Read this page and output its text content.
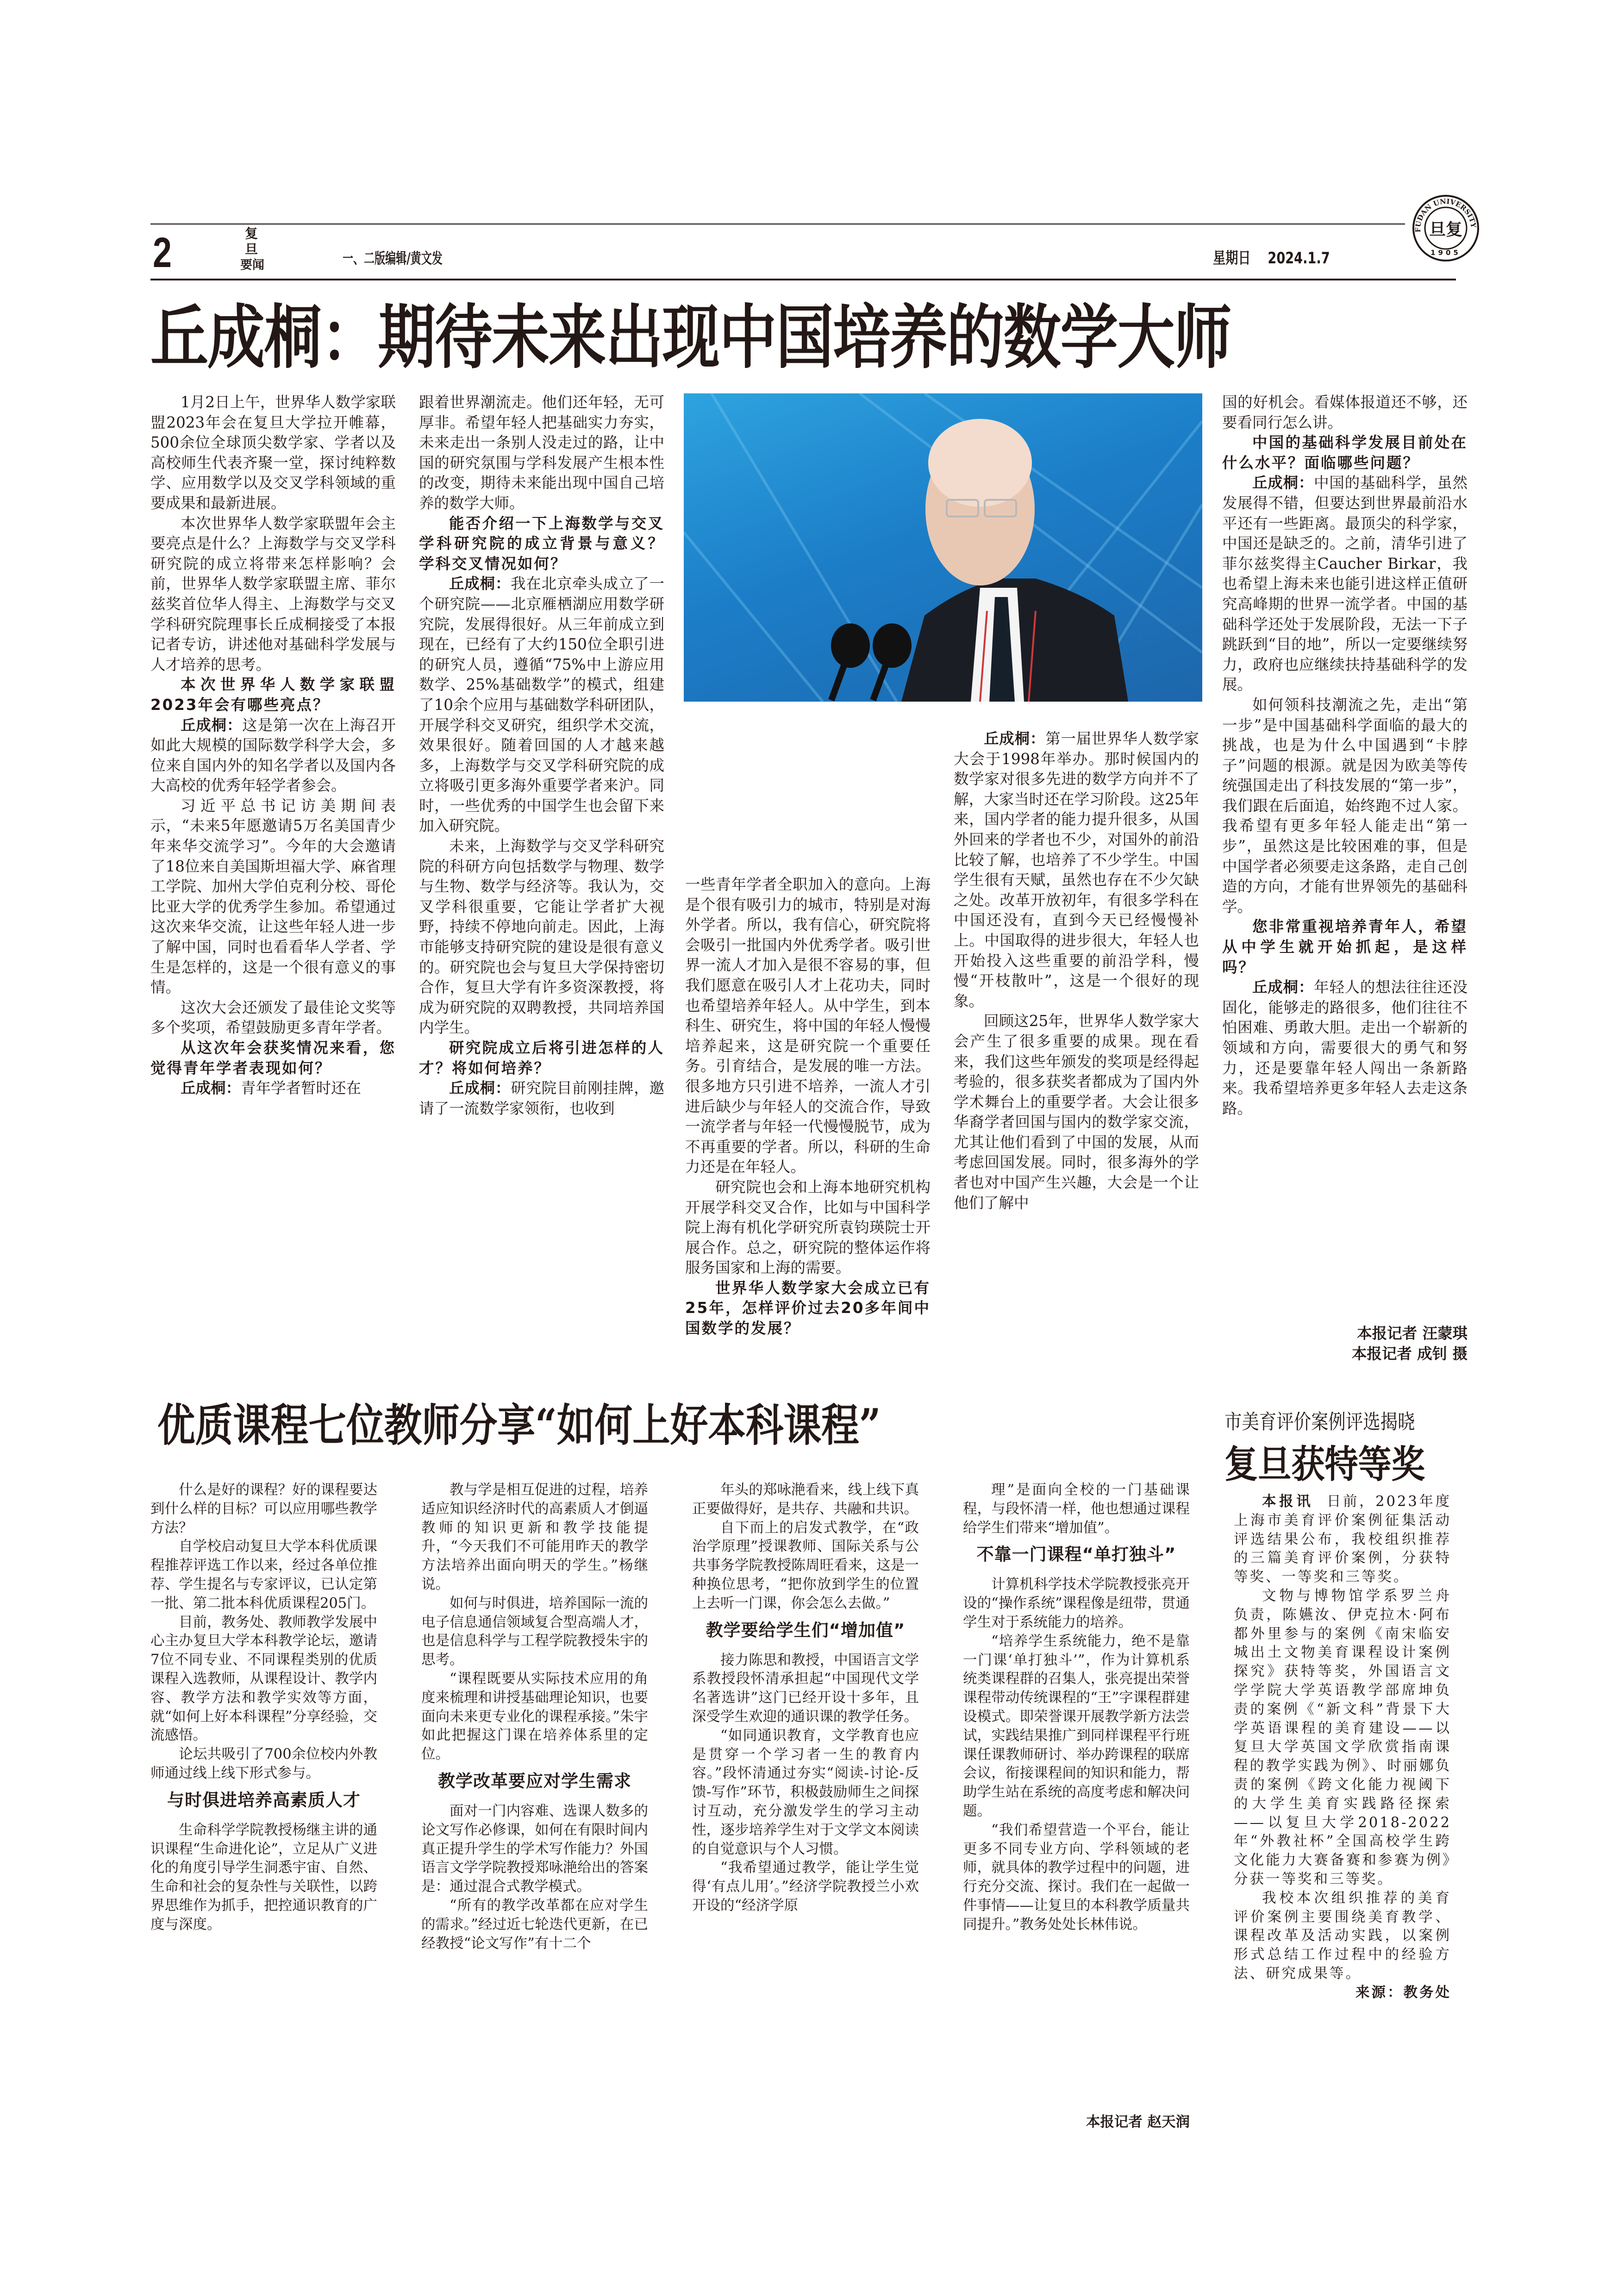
2	复旦
要闻	一、二版编辑/黄文发	星期日 2024.1.7
FUDAN UNIVERSITY
1905
旦复
丘成桐：期待未来出现中国培养的数学大师

1月2日上午，世界华人数学家联盟2023年会在复旦大学拉开帷幕，500余位全球顶尖数学家、学者以及高校师生代表齐聚一堂，探讨纯粹数学、应用数学以及交叉学科领域的重要成果和最新进展。

本次世界华人数学家联盟年会主要亮点是什么？上海数学与交叉学科研究院的成立将带来怎样影响？会前，世界华人数学家联盟主席、菲尔兹奖首位华人得主、上海数学与交叉学科研究院理事长丘成桐接受了本报记者专访，讲述他对基础科学发展与人才培养的思考。

本次世界华人数学家联盟2023年会有哪些亮点？

丘成桐：这是第一次在上海召开如此大规模的国际数学科学大会，多位来自国内外的知名学者以及国内各大高校的优秀年轻学者参会。

习近平总书记访美期间表示，“未来5年愿邀请5万名美国青少年来华交流学习”。今年的大会邀请了18位来自美国斯坦福大学、麻省理工学院、加州大学伯克利分校、哥伦比亚大学的优秀学生参加。希望通过这次来华交流，让这些年轻人进一步了解中国，同时也看看华人学者、学生是怎样的，这是一个很有意义的事情。

这次大会还颁发了最佳论文奖等多个奖项，希望鼓励更多青年学者。

从这次年会获奖情况来看，您觉得青年学者表现如何？

丘成桐：青年学者暂时还在

跟着世界潮流走。他们还年轻，无可厚非。希望年轻人把基础实力夯实，未来走出一条别人没走过的路，让中国的研究氛围与学科发展产生根本性的改变，期待未来能出现中国自己培养的数学大师。

能否介绍一下上海数学与交叉学科研究院的成立背景与意义？学科交叉情况如何？

丘成桐：我在北京牵头成立了一个研究院——北京雁栖湖应用数学研究院，发展得很好。从三年前成立到现在，已经有了大约150位全职引进的研究人员，遵循“75%中上游应用数学、25%基础数学”的模式，组建了10余个应用与基础数学科研团队，开展学科交叉研究，组织学术交流，效果很好。随着回国的人才越来越多，上海数学与交叉学科研究院的成立将吸引更多海外重要学者来沪。同时，一些优秀的中国学生也会留下来加入研究院。

未来，上海数学与交叉学科研究院的科研方向包括数学与物理、数学与生物、数学与经济等。我认为，交叉学科很重要，它能让学者扩大视野，持续不停地向前走。因此，上海市能够支持研究院的建设是很有意义的。研究院也会与复旦大学保持密切合作，复旦大学有许多资深教授，将成为研究院的双聘教授，共同培养国内学生。

研究院成立后将引进怎样的人才？将如何培养？

丘成桐：研究院目前刚挂牌，邀请了一流数学家领衔，也收到

一些青年学者全职加入的意向。上海是个很有吸引力的城市，特别是对海外学者。所以，我有信心，研究院将会吸引一批国内外优秀学者。吸引世界一流人才加入是很不容易的事，但我们愿意在吸引人才上花功夫，同时也希望培养年轻人。从中学生，到本科生、研究生，将中国的年轻人慢慢培养起来，这是研究院一个重要任务。引育结合，是发展的唯一方法。很多地方只引进不培养，一流人才引进后缺少与年轻人的交流合作，导致一流学者与年轻一代慢慢脱节，成为不再重要的学者。所以，科研的生命力还是在年轻人。

研究院也会和上海本地研究机构开展学科交叉合作，比如与中国科学院上海有机化学研究所袁钧瑛院士开展合作。总之，研究院的整体运作将服务国家和上海的需要。

世界华人数学家大会成立已有25年，怎样评价过去20多年间中国数学的发展？

丘成桐：第一届世界华人数学家大会于1998年举办。那时候国内的数学家对很多先进的数学方向并不了解，大家当时还在学习阶段。这25年来，国内学者的能力提升很多，从国外回来的学者也不少，对国外的前沿比较了解，也培养了不少学生。中国学生很有天赋，虽然也存在不少欠缺之处。改革开放初年，有很多学科在中国还没有，直到今天已经慢慢补上。中国取得的进步很大，年轻人也开始投入这些重要的前沿学科，慢慢“开枝散叶”，这是一个很好的现象。

回顾这25年，世界华人数学家大会产生了很多重要的成果。现在看来，我们这些年颁发的奖项是经得起考验的，很多获奖者都成为了国内外学术舞台上的重要学者。大会让很多华裔学者回国与国内的数学家交流，尤其让他们看到了中国的发展，从而考虑回国发展。同时，很多海外的学者也对中国产生兴趣，大会是一个让他们了解中

国的好机会。看媒体报道还不够，还要看同行怎么讲。

中国的基础科学发展目前处在什么水平？面临哪些问题？

丘成桐：中国的基础科学，虽然发展得不错，但要达到世界最前沿水平还有一些距离。最顶尖的科学家，中国还是缺乏的。之前，清华引进了菲尔兹奖得主Caucher Birkar，我也希望上海未来也能引进这样正值研究高峰期的世界一流学者。中国的基础科学还处于发展阶段，无法一下子跳跃到“目的地”，所以一定要继续努力，政府也应继续扶持基础科学的发展。

如何领科技潮流之先，走出“第一步”是中国基础科学面临的最大的挑战，也是为什么中国遇到“卡脖子”问题的根源。就是因为欧美等传统强国走出了科技发展的“第一步”，我们跟在后面追，始终跑不过人家。我希望有更多年轻人能走出“第一步”，虽然这是比较困难的事，但是中国学者必须要走这条路，走自己创造的方向，才能有世界领先的基础科学。

您非常重视培养青年人，希望从中学生就开始抓起，是这样吗？

丘成桐：年轻人的想法往往还没固化，能够走的路很多，他们往往不怕困难、勇敢大胆。走出一个崭新的领域和方向，需要很大的勇气和努力，还是要靠年轻人闯出一条新路来。我希望培养更多年轻人去走这条路。

本报记者 汪蒙琪

本报记者 成钊 摄

优质课程七位教师分享“如何上好本科课程”

什么是好的课程？好的课程要达到什么样的目标？可以应用哪些教学方法？

自学校启动复旦大学本科优质课程推荐评选工作以来，经过各单位推荐、学生提名与专家评议，已认定第一批、第二批本科优质课程205门。

目前，教务处、教师教学发展中心主办复旦大学本科教学论坛，邀请7位不同专业、不同课程类别的优质课程入选教师，从课程设计、教学内容、教学方法和教学实效等方面，就“如何上好本科课程”分享经验，交流感悟。

论坛共吸引了700余位校内外教师通过线上线下形式参与。

与时俱进培养高素质人才

生命科学学院教授杨继主讲的通识课程“生命进化论”，立足从广义进化的角度引导学生洞悉宇宙、自然、生命和社会的复杂性与关联性，以跨界思维作为抓手，把控通识教育的广度与深度。

教与学是相互促进的过程，培养适应知识经济时代的高素质人才倒逼教师的知识更新和教学技能提升，“今天我们不可能用昨天的教学方法培养出面向明天的学生。”杨继说。

如何与时俱进，培养国际一流的电子信息通信领域复合型高端人才，也是信息科学与工程学院教授朱宇的思考。

“课程既要从实际技术应用的角度来梳理和讲授基础理论知识，也要面向未来更专业化的课程承接。”朱宇如此把握这门课在培养体系里的定位。

教学改革要应对学生需求

面对一门内容难、选课人数多的论文写作必修课，如何在有限时间内真正提升学生的学术写作能力？外国语言文学学院教授郑咏滟给出的答案是：通过混合式教学模式。

“所有的教学改革都在应对学生的需求。”经过近七轮迭代更新，在已经教授“论文写作”有十二个

年头的郑咏滟看来，线上线下真正要做得好，是共存、共融和共识。

自下而上的启发式教学，在“政治学原理”授课教师、国际关系与公共事务学院教授陈周旺看来，这是一种换位思考，“把你放到学生的位置上去听一门课，你会怎么去做。”

教学要给学生们“增加值”

接力陈思和教授，中国语言文学系教授段怀清承担起“中国现代文学名著选讲”这门已经开设十多年，且深受学生欢迎的通识课的教学任务。

“如同通识教育，文学教育也应是贯穿一个学习者一生的教育内容。”段怀清通过夯实“阅读-讨论-反馈-写作”环节，积极鼓励师生之间探讨互动，充分激发学生的学习主动性，逐步培养学生对于文学文本阅读的自觉意识与个人习惯。

“我希望通过教学，能让学生觉得‘有点儿用’。”经济学院教授兰小欢开设的“经济学原

理”是面向全校的一门基础课程，与段怀清一样，他也想通过课程给学生们带来“增加值”。

不靠一门课程“单打独斗”

计算机科学技术学院教授张亮开设的“操作系统”课程像是纽带，贯通学生对于系统能力的培养。

“培养学生系统能力，绝不是靠一门课‘单打独斗’”，作为计算机系统类课程群的召集人，张亮提出荣誉课程带动传统课程的“王”字课程群建设模式。即荣誉课开展教学新方法尝试，实践结果推广到同样课程平行班课任课教师研讨、举办跨课程的联席会议，衔接课程间的知识和能力，帮助学生站在系统的高度考虑和解决问题。

“我们希望营造一个平台，能让更多不同专业方向、学科领域的老师，就具体的教学过程中的问题，进行充分交流、探讨。我们在一起做一件事情——让复旦的本科教学质量共同提升。”教务处处长林伟说。

本报记者 赵天润
市美育评价案例评选揭晓
复旦获特等奖

本报讯 日前，2023年度上海市美育评价案例征集活动评选结果公布，我校组织推荐的三篇美育评价案例，分获特等奖、一等奖和三等奖。

文物与博物馆学系罗兰舟负责，陈嬿汝、伊克拉木·阿布都外里参与的案例《南宋临安城出土文物美育课程设计案例探究》获特等奖，外国语言文学学院大学英语教学部席坤负责的案例《“新文科”背景下大学英语课程的美育建设——以复旦大学英国文学欣赏指南课程的教学实践为例》、时丽娜负责的案例《跨文化能力视阈下的大学生美育实践路径探索——以复旦大学2018-2022年“外教社杯”全国高校学生跨文化能力大赛备赛和参赛为例》分获一等奖和三等奖。

我校本次组织推荐的美育评价案例主要围绕美育教学、课程改革及活动实践，以案例形式总结工作过程中的经验方法、研究成果等。

来源：教务处
